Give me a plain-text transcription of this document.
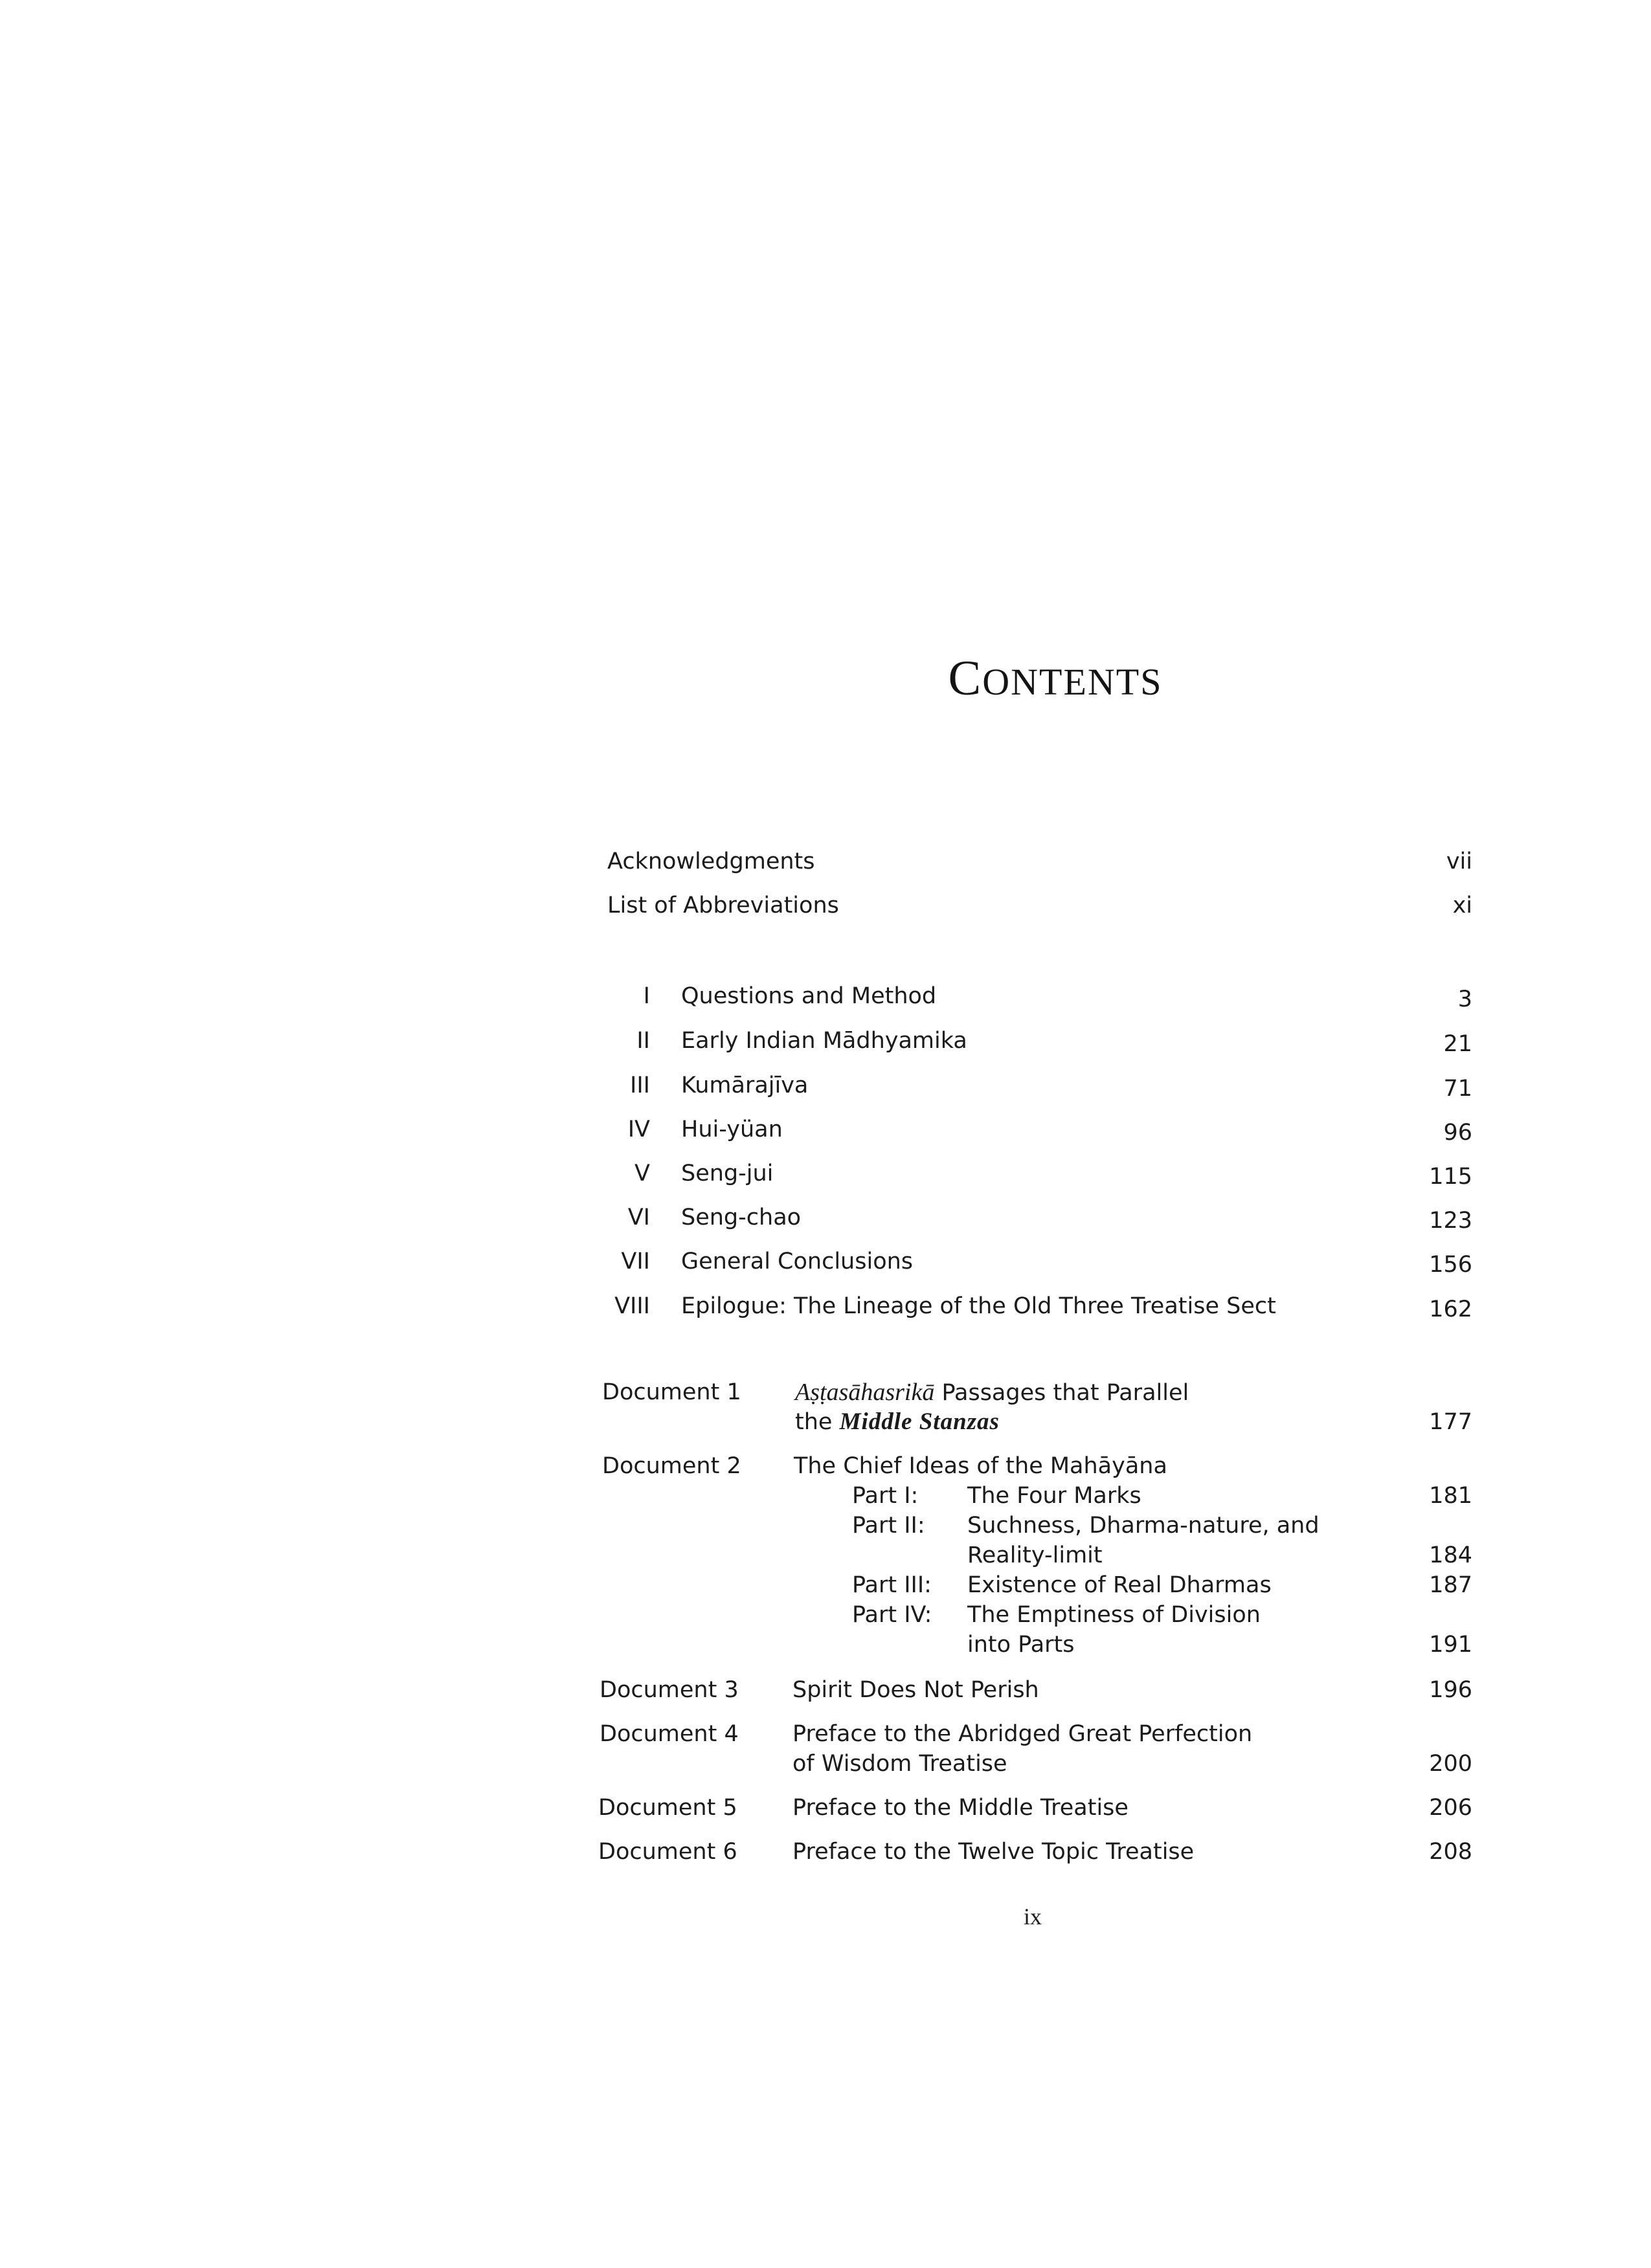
CONTENTS
Acknowledgments	vii
List of Abbreviations	xi
I Questions and Method	3
II Early Indian Mādhyamika	21
III Kumārajīva	71
IV Hui-yüan	96
V Seng-jui	115
VI Seng-chao	123
VII General Conclusions	156
VIII Epilogue: The Lineage of the Old Three Treatise Sect	162
Document 1 Aṣṭasāhasrikā Passages that Parallel
the Middle Stanzas	177
Document 2 The Chief Ideas of the Mahāyāna
Part I: The Four Marks	181
Part II: Suchness, Dharma-nature, and
Reality-limit	184
Part III: Existence of Real Dharmas	187
Part IV: The Emptiness of Division
into Parts	191
Document 3 Spirit Does Not Perish	196
Document 4 Preface to the Abridged Great Perfection
of Wisdom Treatise	200
Document 5 Preface to the Middle Treatise	206
Document 6 Preface to the Twelve Topic Treatise	208
ix
